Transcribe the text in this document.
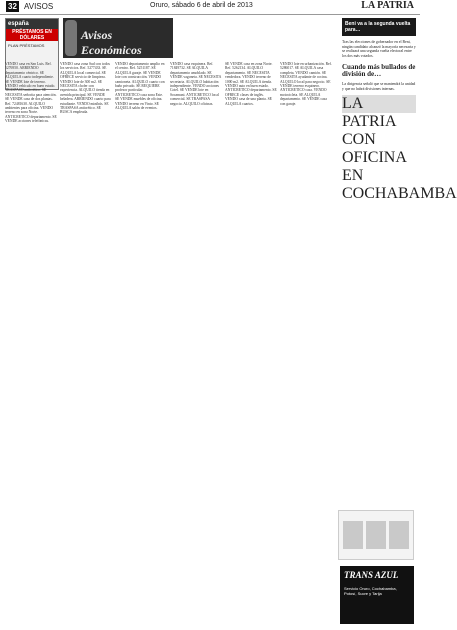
32 AVISOS	Oruro, sábado 6 de abril de 2013	LA PATRIA
españa
PRÉSTAMOS EN DÓLARES
PLAN PRÉSTAMOS
Avisos Económicos
VENDO casa en San Luis. Ref. 5276950. ARRIENDO departamento céntrico. SE ALQUILA cuarto independiente. SE VENDE lote de terreno. VENDO vehículo en buen estado. TRASPASO anticrético. SE NECESITA señorita para atención. SE VENDE casa de dos plantas. Ref. 72481630. ALQUILO ambientes para oficina. VENDO terreno en zona Norte. ANTICRETICO departamento. SE VENDE acciones telefónicas.
VENDO casa zona Sud con todos los servicios. Ref. 5277433. SE ALQUILA local comercial. SE OFRECE servicio de limpieza. VENDO lote de 300 m2. SE NECESITA chofer con experiencia. ALQUILO tienda en avenida principal. SE VENDE heladera. ARRIENDO cuarto para estudiante. VENDO minibús. SE TRASPASA anticrético. SE BUSCA empleada.
VENDO departamento amplio en el centro. Ref. 5251187. SE ALQUILA garaje. SE VENDE lote con construcción. VENDO camioneta. ALQUILO cuarto con baño privado. SE REQUIERE profesor particular. ANTICRETICO casa zona Este. SE VENDE muebles de oficina. VENDO terreno en Vinto. SE ALQUILA salón de eventos.
VENDO casa esquinera. Ref. 71849732. SE ALQUILA departamento amoblado. SE VENDE vagoneta. SE NECESITA secretaria. ALQUILO habitación independiente. VENDO acciones Cotel. SE VENDE lote en Socamani. ANTICRETICO local comercial. SE TRASPASA negocio. ALQUILO oficinas.
SE VENDE casa en zona Norte. Ref. 5262134. ALQUILO departamento. SE NECESITA vendedora. VENDO terreno de 1000 m2. SE ALQUILA tienda. VENDO auto en buen estado. ANTICRETICO departamento. SE OFRECE clases de inglés. VENDO casa de una planta. SE ALQUILA cuartos.
VENDO lote en urbanización. Ref. 5286017. SE ALQUILA casa completa. VENDO camión. SE NECESITA ayudante de cocina. ALQUILO local para negocio. SE VENDE terreno esquinero. ANTICRETICO casa. VENDO motocicleta. SE ALQUILA departamento. SE VENDE casa con garaje.
Beni va a la segunda vuelta para…
Tras las elecciones de gobernador en el Beni, ningún candidato alcanzó la mayoría necesaria y se realizará una segunda vuelta electoral entre los dos más votados.
Cuando más bullados de división de…
La dirigencia señaló que se mantendrá la unidad y que no habrá divisiones internas.
LA PATRIA CON OFICINA EN COCHABAMBA
TRANS AZUL
Servicio Oruro, Cochabamba, Potosí, Sucre y Tarija
